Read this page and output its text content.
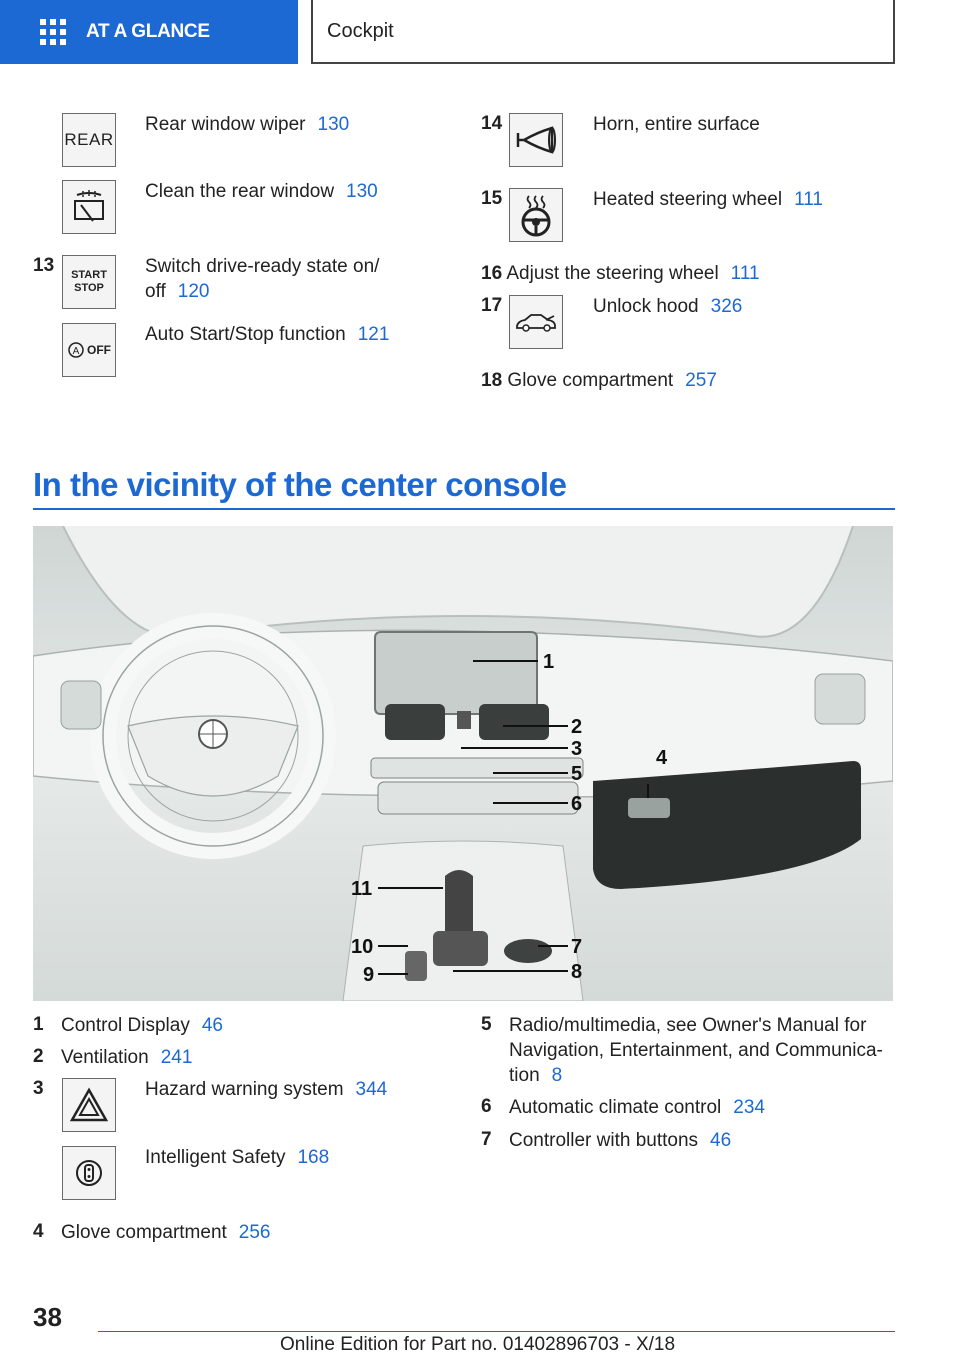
AT A GLANCE	Cockpit
REAR
Rear window wiper 130
Clean the rear window 130
13	START STOP
Switch drive-ready state on/
off 120
A OFF
Auto Start/Stop function 121
14	Horn, entire surface
15	Heated steering wheel 111
16 Adjust the steering wheel 111
17	Unlock hood 326
18 Glove compartment 257
In the vicinity of the center console
1
2
3	4
5
6
7
8
9
10
11
1 Control Display 46
2 Ventilation 241
3	Hazard warning system 344
Intelligent Safety 168
4 Glove compartment 256
5 Radio/multimedia, see Owner's Manual for
Navigation, Entertainment, and Communica-
tion 8
6 Automatic climate control 234
7 Controller with buttons 46
38
Online Edition for Part no. 01402896703 - X/18
